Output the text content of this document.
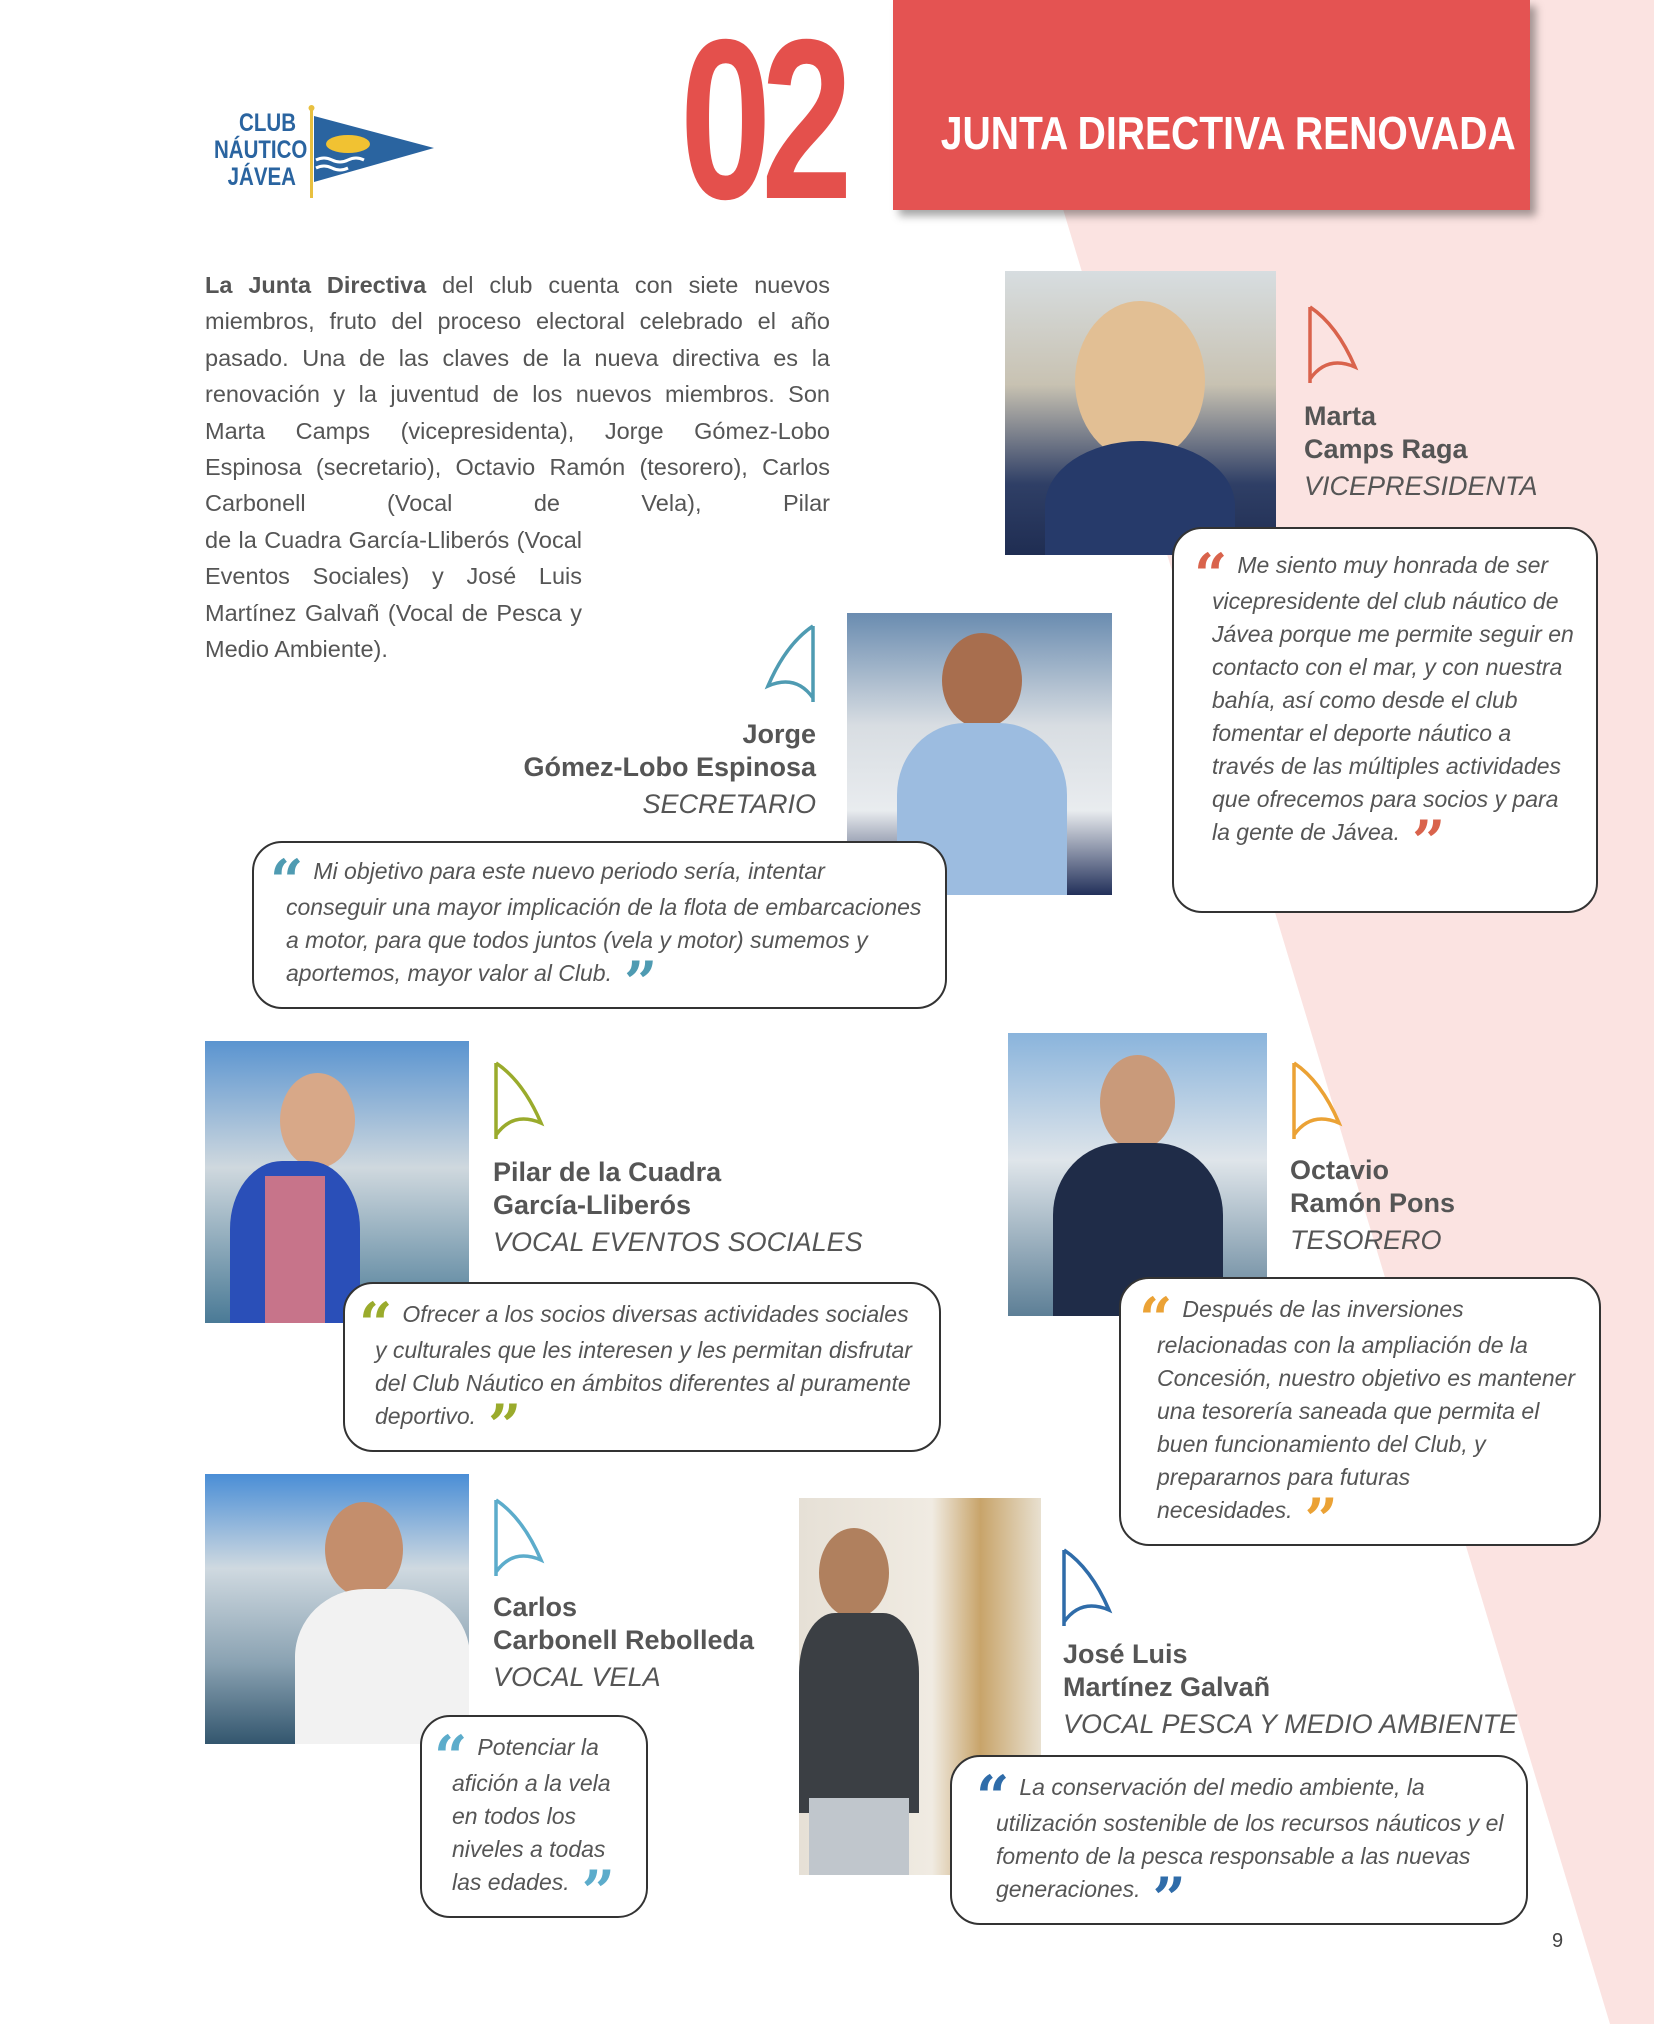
CLUB
NÁUTICO
JÁVEA 02 JUNTA DIRECTIVA RENOVADA
La Junta Directiva del club cuenta con siete nuevos miembros, fruto del proceso electoral celebrado el año pasado. Una de las claves de la nueva directiva es la renovación y la juventud de los nuevos miembros. Son Marta Camps (vicepresidenta), Jorge Gómez-Lobo Espinosa (secretario), Octavio Ramón (tesorero), Carlos Carbonell (Vocal de Vela), Pilar
de la Cuadra García-Lliberós (Vocal Eventos Sociales) y José Luis Martínez Galvañ (Vocal de Pesca y Medio Ambiente).
Marta
Camps Raga
VICEPRESIDENTA
“ Me siento muy honrada de ser vicepresidente del club náutico de Jávea porque me permite seguir en contacto con el mar, y con nuestra bahía, así como desde el club fomentar el deporte náutico a través de las múltiples actividades que ofrecemos para socios y para la gente de Jávea. ”
Jorge
Gómez-Lobo Espinosa
SECRETARIO
“ Mi objetivo para este nuevo periodo sería, intentar conseguir una mayor implicación de la flota de embarcaciones a motor, para que todos juntos (vela y motor) sumemos y aportemos, mayor valor al Club. ”
Pilar de la Cuadra
García-Lliberós
VOCAL EVENTOS SOCIALES
“ Ofrecer a los socios diversas actividades sociales y culturales que les interesen y les permitan disfrutar del Club Náutico en ámbitos diferentes al puramente deportivo. ”
Octavio
Ramón Pons
TESORERO
“ Después de las inversiones relacionadas con la ampliación de la Concesión, nuestro objetivo es mantener una tesorería saneada que permita el buen funcionamiento del Club, y prepararnos para futuras necesidades. ”
Carlos
Carbonell Rebolleda
VOCAL VELA
“ Potenciar la afición a la vela en todos los niveles a todas las edades. ”
José Luis
Martínez Galvañ
VOCAL PESCA Y MEDIO AMBIENTE
“ La conservación del medio ambiente, la utilización sostenible de los recursos náuticos y el fomento de la pesca responsable a las nuevas generaciones. ”
9
